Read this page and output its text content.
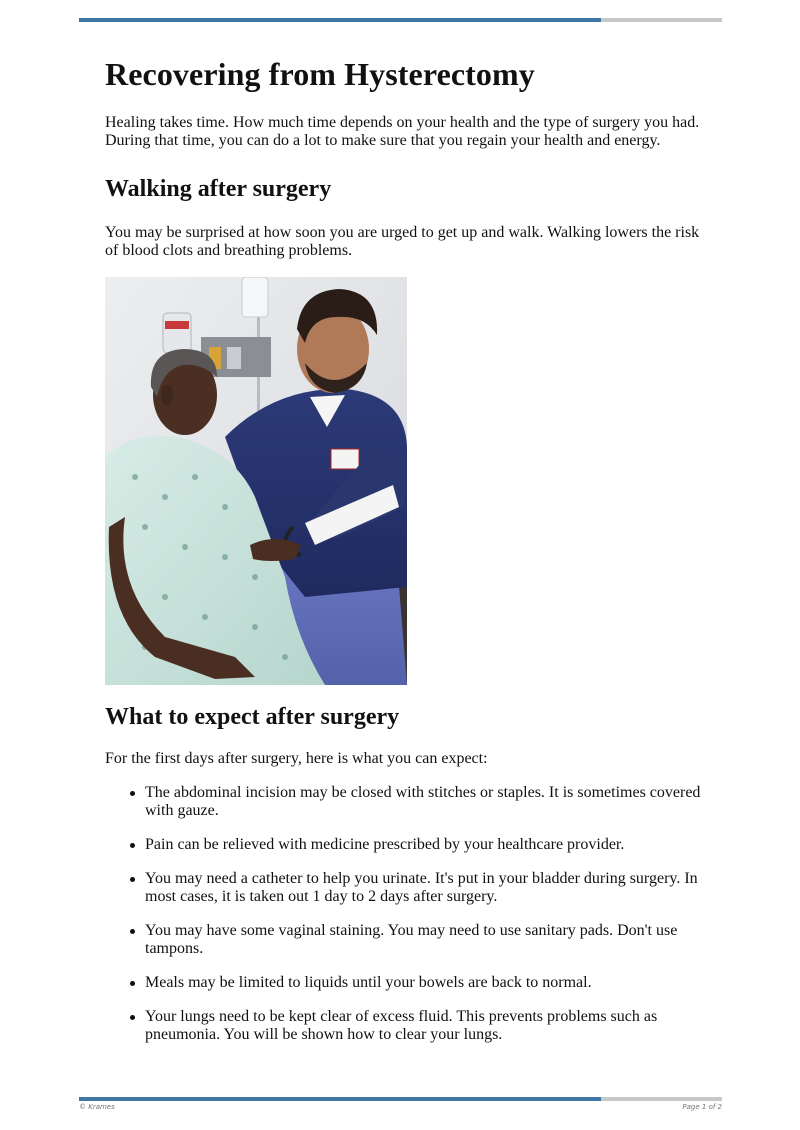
Recovering from Hysterectomy

Healing takes time. How much time depends on your health and the type of surgery you had. During that time, you can do a lot to make sure that you regain your health and energy.

Walking after surgery

You may be surprised at how soon you are urged to get up and walk. Walking lowers the risk of blood clots and breathing problems.

What to expect after surgery

For the first days after surgery, here is what you can expect:

The abdominal incision may be closed with stitches or staples. It is sometimes covered with gauze.
Pain can be relieved with medicine prescribed by your healthcare provider.
You may need a catheter to help you urinate. It's put in your bladder during surgery. In most cases, it is taken out 1 day to 2 days after surgery.
You may have some vaginal staining. You may need to use sanitary pads. Don't use tampons.
Meals may be limited to liquids until your bowels are back to normal.
Your lungs need to be kept clear of excess fluid. This prevents problems such as pneumonia. You will be shown how to clear your lungs.
© Krames	Page 1 of 2
